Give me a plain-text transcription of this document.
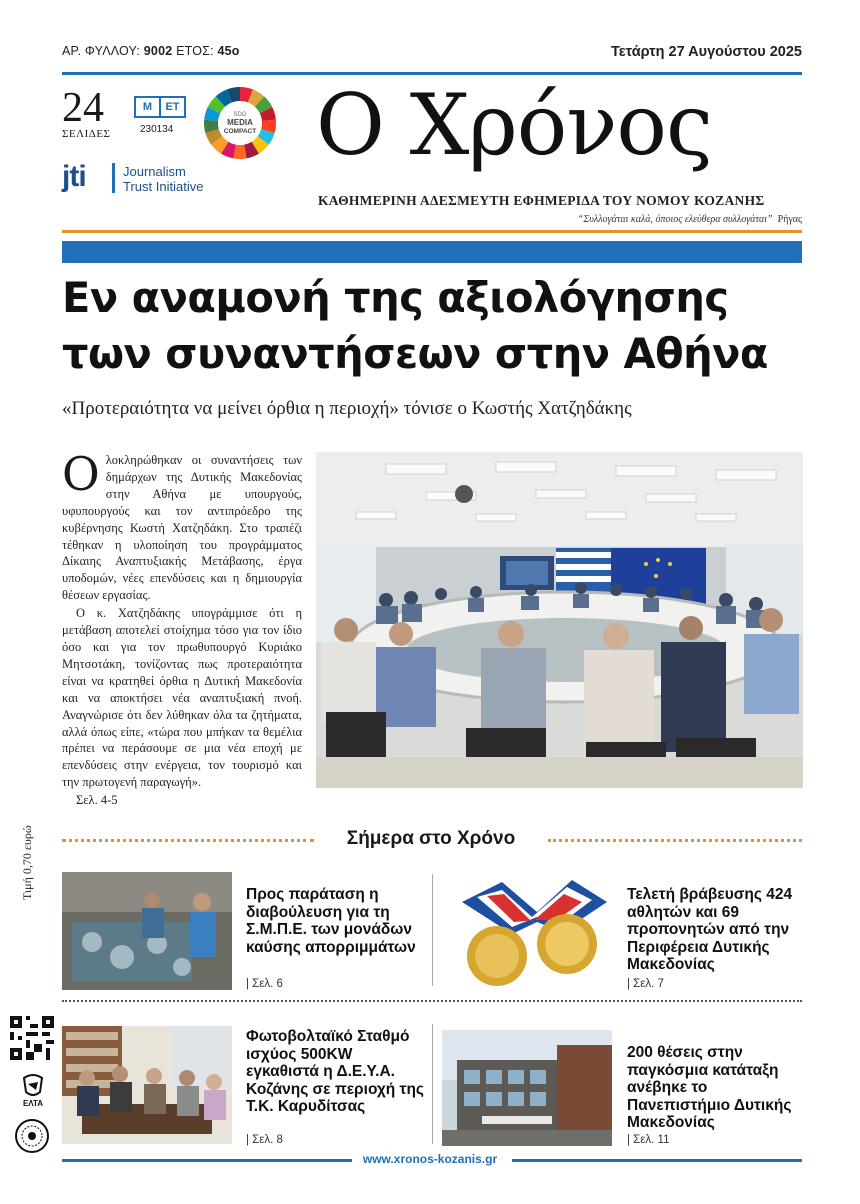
ΑΡ. ΦΥΛΛΟΥ: 9002 ΕΤΟΣ: 45ο	Τετάρτη 27 Αυγούστου 2025
24
ΣΕΛΙΔΕΣ
Μ	ΕΤ
230134
SDG
MEDIA
COMPACT
jti	Journalism
Trust Initiative
Ο Χρόνος
ΚΑΘΗΜΕΡΙΝΗ ΑΔΕΣΜΕΥΤΗ ΕΦΗΜΕΡΙΔΑ ΤΟΥ ΝΟΜΟΥ ΚΟΖΑΝΗΣ
“Συλλογάται καλά, όποιος ελεύθερα συλλογάται” Ρήγας
Εν αναμονή της αξιολόγησης
των συναντήσεων στην Αθήνα
«Προτεραιότητα να μείνει όρθια η περιοχή» τόνισε ο Κωστής Χατζηδάκης
Ο λοκληρώθηκαν οι συναντήσεις των δημάρχων της Δυτικής Μακεδονίας στην Αθήνα με υπουργούς, υφυπουργούς και τον αντιπρόεδρο της κυβέρνησης Κωστή Χατζηδάκη. Στο τραπέζι τέθηκαν η υλοποίηση του προγράμματος Δίκαιης Αναπτυξιακής Μετάβασης, έργα υποδομών, νέες επενδύσεις και η δημιουργία θέσεων εργασίας.

Ο κ. Χατζηδάκης υπογράμμισε ότι η μετάβαση αποτελεί στοίχημα τόσο για τον ίδιο όσο και για τον πρωθυπουργό Κυριάκο Μητσοτάκη, τονίζοντας πως προτεραιότητα είναι να κρατηθεί όρθια η Δυτική Μακεδονία και να αποκτήσει νέα αναπτυξιακή πνοή. Αναγνώρισε ότι δεν λύθηκαν όλα τα ζητήματα, αλλά όπως είπε, «τώρα που μπήκαν τα θεμέλια πρέπει να περάσουμε σε μια νέα εποχή με επενδύσεις στην ενέργεια, τον τουρισμό και την πρωτογενή παραγωγή».

Σελ. 4-5

Σήμερα στο Χρόνο
Τιμή 0,70 ευρώ	Προς παράταση η διαβούλευση για τη Σ.Μ.Π.Ε. των μονάδων καύσης απορριμμάτων
| Σελ. 6
Τελετή βράβευσης 424 αθλητών και 69 προπονητών από την Περιφέρεια Δυτικής Μακεδονίας
| Σελ. 7
Φωτοβολταϊκό Σταθμό ισχύος 500KW εγκαθιστά η Δ.Ε.Υ.Α. Κοζάνης σε περιοχή της Τ.Κ. Καρυδίτσας
| Σελ. 8
200 θέσεις στην παγκόσμια κατάταξη ανέβηκε το Πανεπιστήμιο Δυτικής Μακεδονίας
| Σελ. 11
ΕΛΤΑ
www.xronos-kozanis.gr
